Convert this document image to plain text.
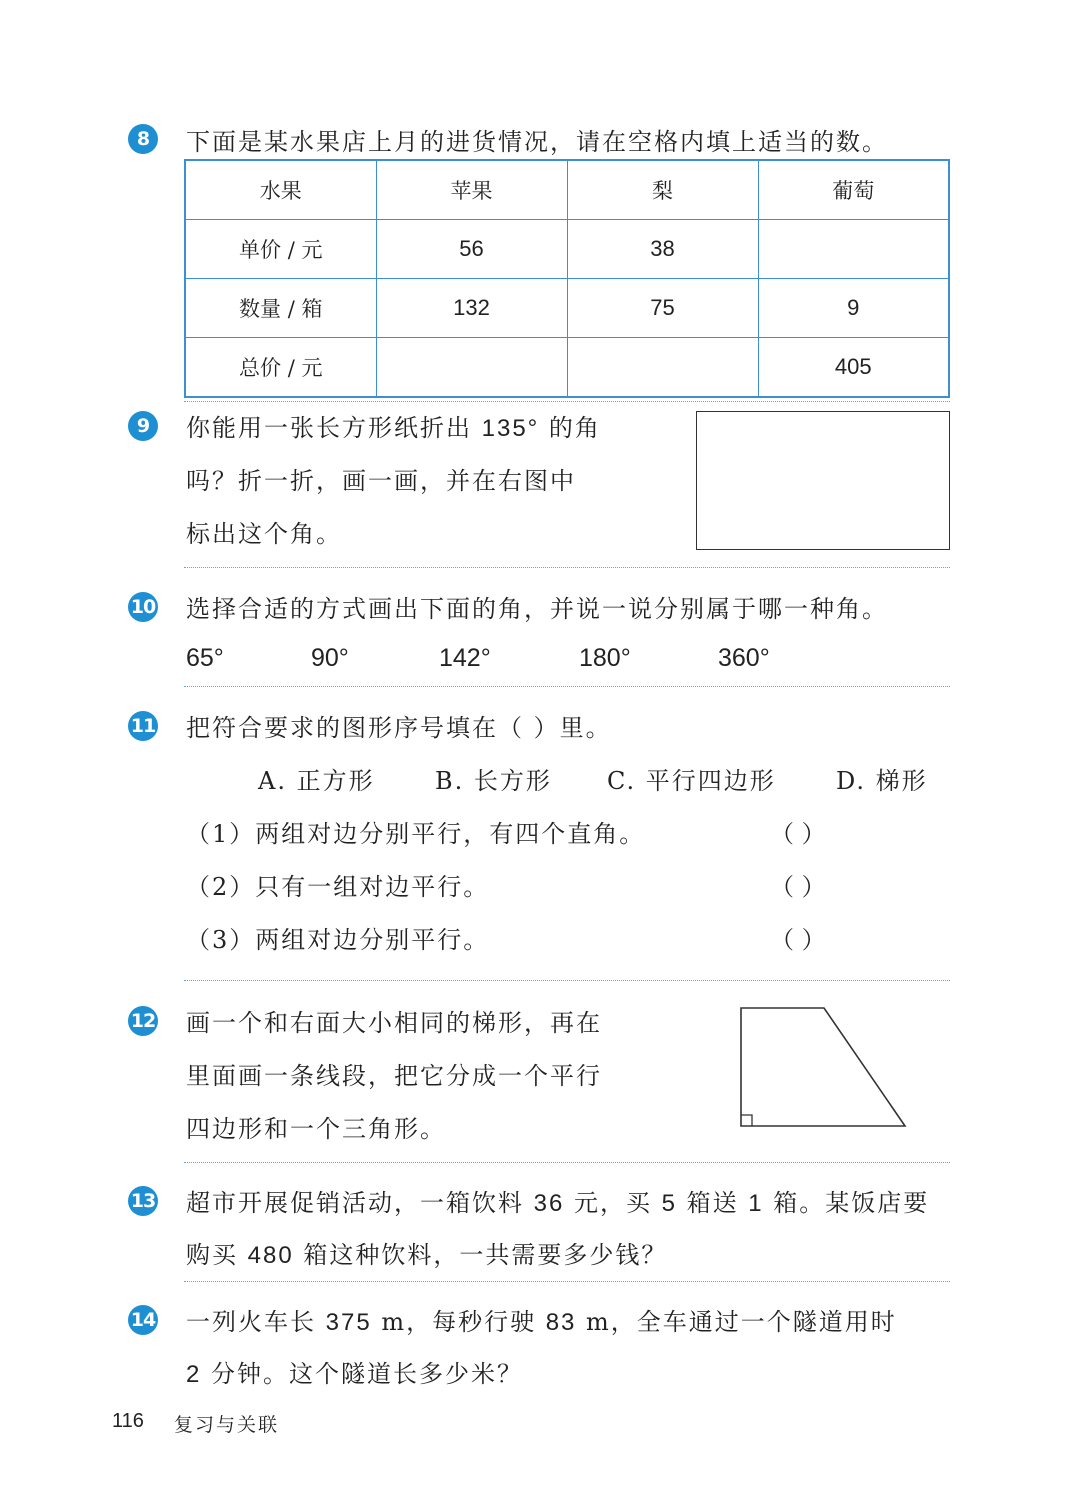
8	下面是某水果店上月的进货情况，请在空格内填上适当的数。
水果	苹果	梨	葡萄
单价 / 元	56	38	
数量 / 箱	132	75	9
总价 / 元			405
9	你能用一张长方形纸折出 135° 的角
吗？折一折，画一画，并在右图中
标出这个角。
10 选择合适的方式画出下面的角，并说一说分别属于哪一种角。
65°	90°	142°	180°	360°
11 把符合要求的图形序号填在（ ）里。
A. 正方形	B. 长方形 C. 平行四边形	D. 梯形
（1）两组对边分别平行，有四个直角。	（ ）
（2）只有一组对边平行。	（ ）
（3）两组对边分别平行。	（ ）
12 画一个和右面大小相同的梯形，再在
里面画一条线段，把它分成一个平行
四边形和一个三角形。
13 超市开展促销活动，一箱饮料 36 元，买 5 箱送 1 箱。某饭店要
购买 480 箱这种饮料，一共需要多少钱？
14 一列火车长 375 m，每秒行驶 83 m，全车通过一个隧道用时
2 分钟。这个隧道长多少米？
116 复习与关联
